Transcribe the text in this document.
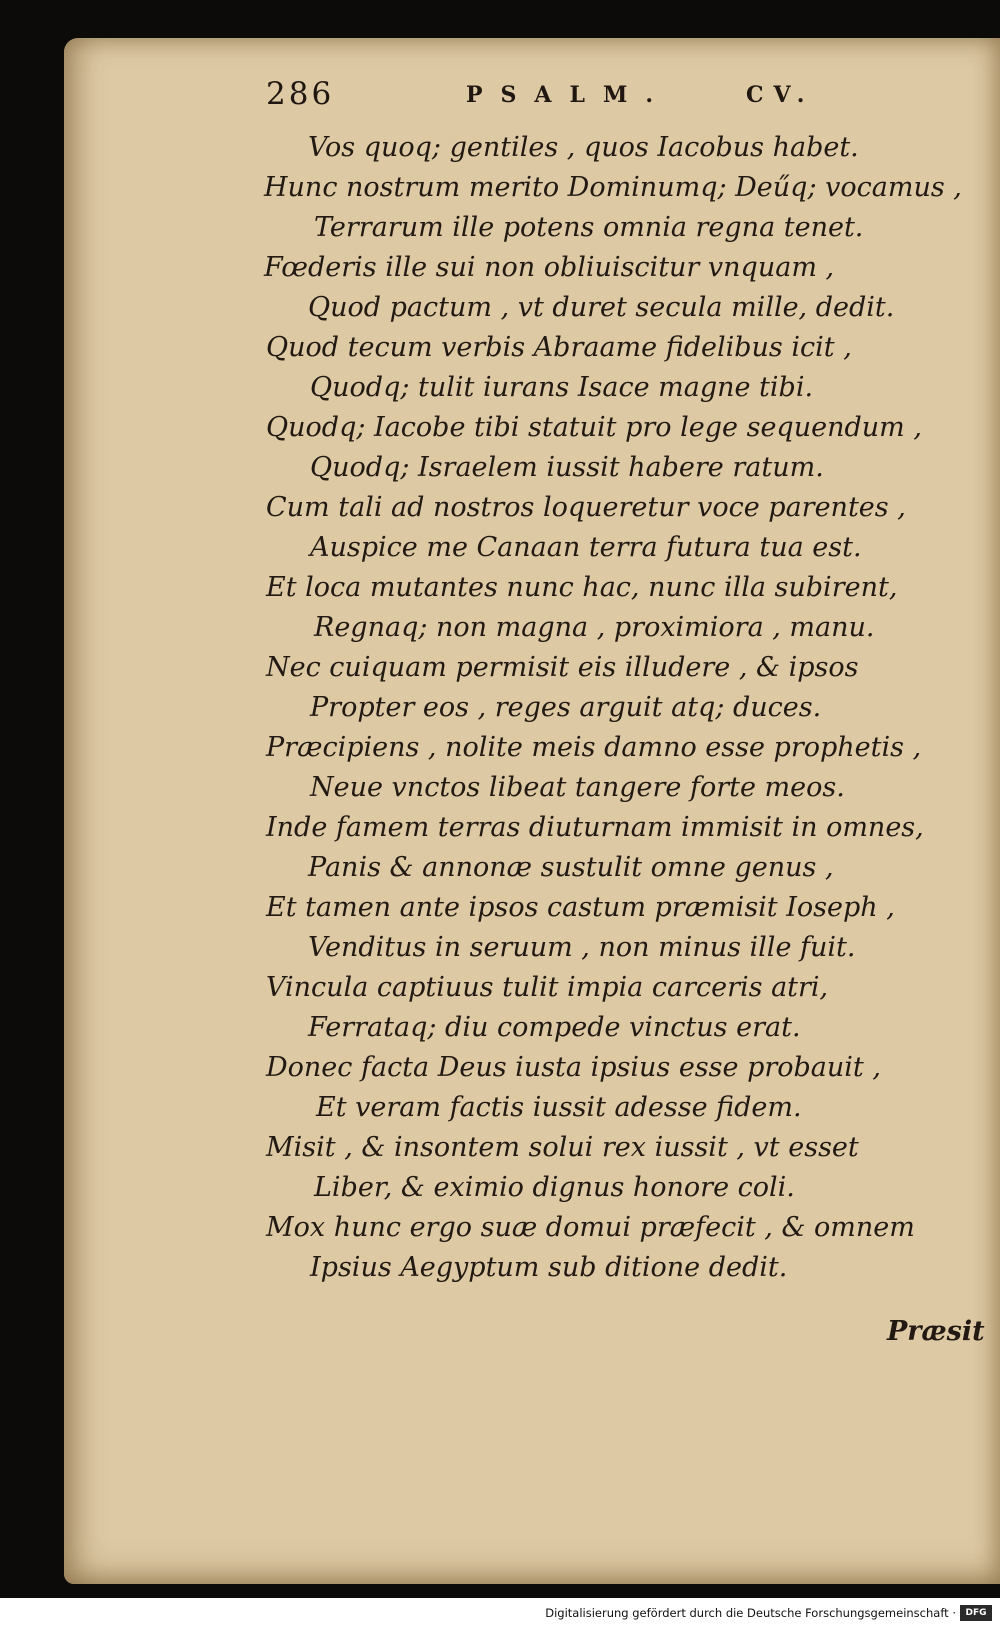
286	PSALM.	CV.

Vos quoq; gentiles , quos Iacobus habet.

Hunc nostrum merito Dominumq; Deűq; vocamus ,

Terrarum ille potens omnia regna tenet.

Fœderis ille sui non obliuiscitur vnquam ,

Quod pactum , vt duret secula mille, dedit.

Quod tecum verbis Abraame fidelibus icit ,

Quodq; tulit iurans Isace magne tibi.

Quodq; Iacobe tibi statuit pro lege sequendum ,

Quodq; Israelem iussit habere ratum.

Cum tali ad nostros loqueretur voce parentes ,

Auspice me Canaan terra futura tua est.

Et loca mutantes nunc hac, nunc illa subirent,

Regnaq; non magna , proximiora , manu.

Nec cuiquam permisit eis illudere , & ipsos

Propter eos , reges arguit atq; duces.

Præcipiens , nolite meis damno esse prophetis ,

Neue vnctos libeat tangere forte meos.

Inde famem terras diuturnam immisit in omnes,

Panis & annonæ sustulit omne genus ,

Et tamen ante ipsos castum præmisit Ioseph ,

Venditus in seruum , non minus ille fuit.

Vincula captiuus tulit impia carceris atri,

Ferrataq; diu compede vinctus erat.

Donec facta Deus iusta ipsius esse probauit ,

Et veram factis iussit adesse fidem.

Misit , & insontem solui rex iussit , vt esset

Liber, & eximio dignus honore coli.

Mox hunc ergo suæ domui præfecit , & omnem

Ipsius Aegyptum sub ditione dedit.

Præsit

Digitalisierung gefördert durch die Deutsche Forschungsgemeinschaft ·	DFG
